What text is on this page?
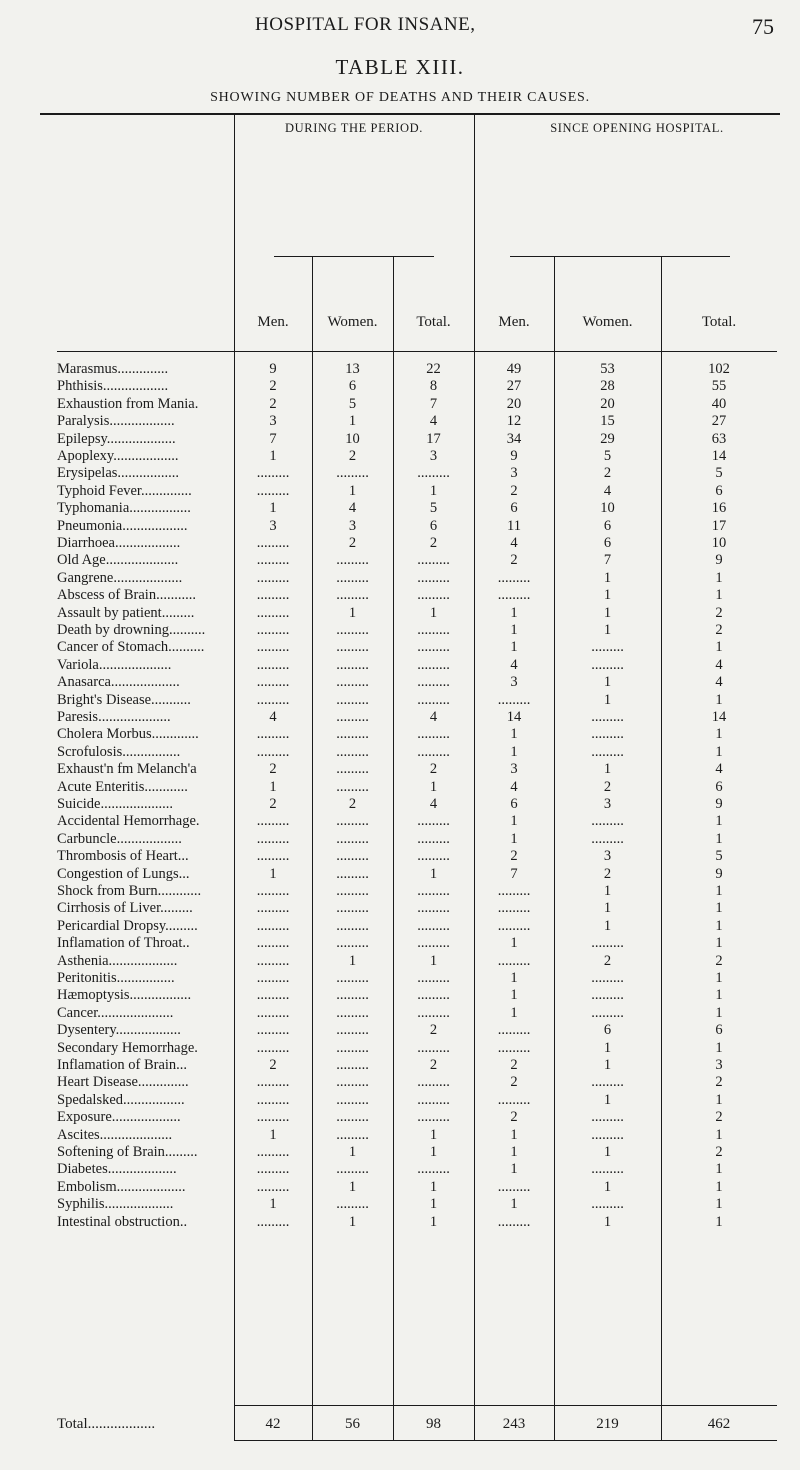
HOSPITAL FOR INSANE,	75
TABLE XIII.
SHOWING NUMBER OF DEATHS AND THEIR CAUSES.
DURING THE PERIOD.	SINCE OPENING HOSPITAL.
Men.	Women.	Total.	Men.	Women.	Total.
Marasmus..............	9	13	22	49	53	102
Phthisis..................	2	6	8	27	28	55
Exhaustion from Mania.	2	5	7	20	20	40
Paralysis..................	3	1	4	12	15	27
Epilepsy...................	7	10	17	34	29	63
Apoplexy..................	1	2	3	9	5	14
Erysipelas.................	.........	.........	.........	3	2	5
Typhoid Fever..............	.........	1	1	2	4	6
Typhomania.................	1	4	5	6	10	16
Pneumonia..................	3	3	6	11	6	17
Diarrhoea..................	.........	2	2	4	6	10
Old Age....................	.........	.........	.........	2	7	9
Gangrene...................	.........	.........	.........	.........	1	1
Abscess of Brain...........	.........	.........	.........	.........	1	1
Assault by patient.........	.........	1	1	1	1	2
Death by drowning..........	.........	.........	.........	1	1	2
Cancer of Stomach..........	.........	.........	.........	1	.........	1
Variola....................	.........	.........	.........	4	.........	4
Anasarca...................	.........	.........	.........	3	1	4
Bright's Disease...........	.........	.........	.........	.........	1	1
Paresis....................	4	.........	4	14	.........	14
Cholera Morbus.............	.........	.........	.........	1	.........	1
Scrofulosis................	.........	.........	.........	1	.........	1
Exhaust'n fm Melanch'a	2	.........	2	3	1	4
Acute Enteritis............	1	.........	1	4	2	6
Suicide....................	2	2	4	6	3	9
Accidental Hemorrhage.	.........	.........	.........	1	.........	1
Carbuncle..................	.........	.........	.........	1	.........	1
Thrombosis of Heart...	.........	.........	.........	2	3	5
Congestion of Lungs...	1	.........	1	7	2	9
Shock from Burn............	.........	.........	.........	.........	1	1
Cirrhosis of Liver.........	.........	.........	.........	.........	1	1
Pericardial Dropsy.........	.........	.........	.........	.........	1	1
Inflamation of Throat..	.........	.........	.........	1	.........	1
Asthenia...................	.........	1	1	.........	2	2
Peritonitis................	.........	.........	.........	1	.........	1
Hæmoptysis.................	.........	.........	.........	1	.........	1
Cancer.....................	.........	.........	.........	1	.........	1
Dysentery..................	.........	.........	2	.........	6	6
Secondary Hemorrhage.	.........	.........	.........	.........	1	1
Inflamation of Brain...	2	.........	2	2	1	3
Heart Disease..............	.........	.........	.........	2	.........	2
Spedalsked.................	.........	.........	.........	.........	1	1
Exposure...................	.........	.........	.........	2	.........	2
Ascites....................	1	.........	1	1	.........	1
Softening of Brain.........	.........	1	1	1	1	2
Diabetes...................	.........	.........	.........	1	.........	1
Embolism...................	.........	1	1	.........	1	1
Syphilis...................	1	.........	1	1	.........	1
Intestinal obstruction..	.........	1	1	.........	1	1
Total..................	42	56	98	243	219	462
